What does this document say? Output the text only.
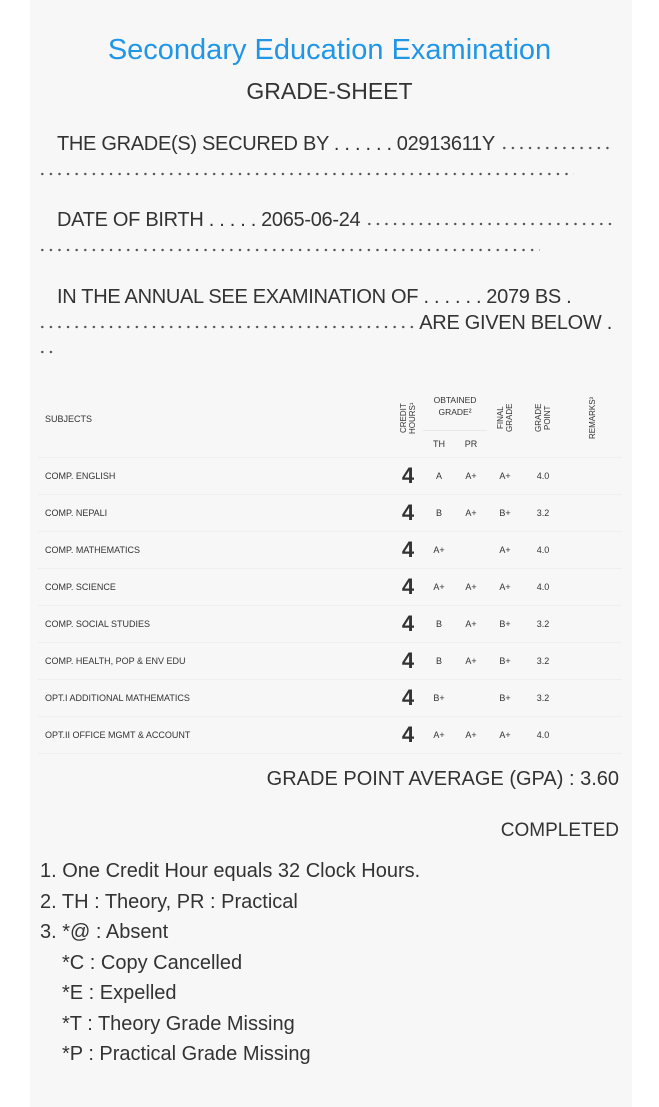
Secondary Education Examination
GRADE-SHEET
THE GRADE(S) SECURED BY . . . . . . 02913611Y
DATE OF BIRTH . . . . . 2065-06-24
IN THE ANNUAL SEE EXAMINATION OF . . . . . . 2079 BS .
ARE GIVEN BELOW .
SUBJECTS	CREDIT HOURS¹	OBTAINED GRADE²		FINAL GRADE	GRADE POINT	REMARKS³
		TH	PR			
COMP. ENGLISH	4	A	A+	A+	4.0	
COMP. NEPALI	4	B	A+	B+	3.2	
COMP. MATHEMATICS	4	A+		A+	4.0	
COMP. SCIENCE	4	A+	A+	A+	4.0	
COMP. SOCIAL STUDIES	4	B	A+	B+	3.2	
COMP. HEALTH, POP & ENV EDU	4	B	A+	B+	3.2	
OPT.I ADDITIONAL MATHEMATICS	4	B+		B+	3.2	
OPT.II OFFICE MGMT & ACCOUNT	4	A+	A+	A+	4.0	
GRADE POINT AVERAGE (GPA) : 3.60
COMPLETED
1. One Credit Hour equals 32 Clock Hours.
2. TH : Theory, PR : Practical
3. *@ : Absent
*C : Copy Cancelled
*E : Expelled
*T : Theory Grade Missing
*P : Practical Grade Missing
